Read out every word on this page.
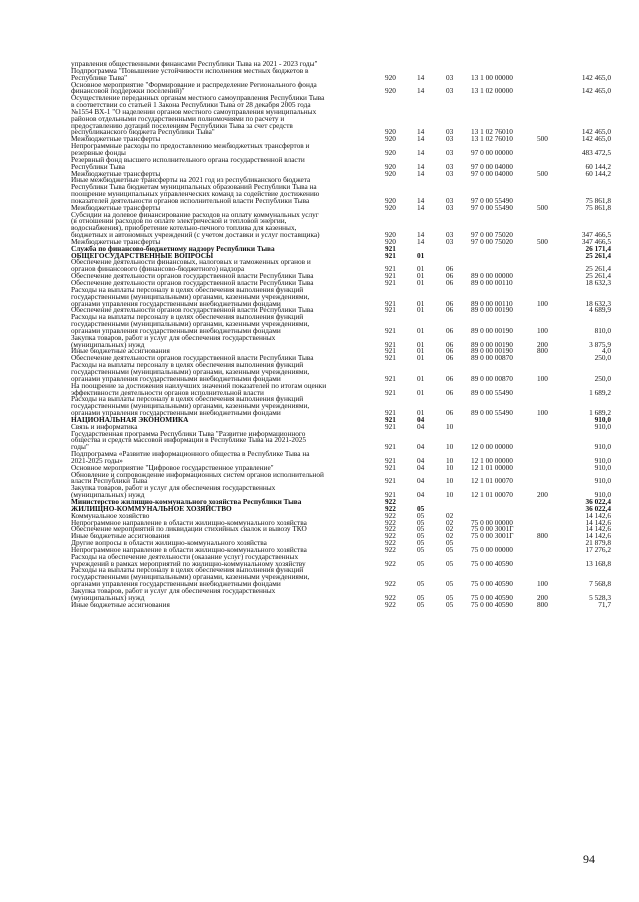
управления общественными финансами Республики Тыва на 2021 - 2023 годы"
Подпрограмма "Повышение устойчивости исполнения местных бюджетов в
Республике Тыва"	920	14	03 13 1 00 00000	142 465,0
Основное мероприятие "Формирование и распределение Регионального фонда
финансовой поддержки поселений)"	920	14	03 13 1 02 00000	142 465,0
Осуществление переданных органам местного самоуправления Республики Тыва
в соответствии со статьей 1 Закона Республики Тыва от 28 декабря 2005 года
№1554 ВХ-1 "О наделении органов местного самоуправления муниципальных
районов отдельными государственными полномочиями по расчету и
предоставлению дотаций поселениям Республики Тыва за счет средств
республиканского бюджета Республики Тыва"	920	14	03 13 1 02 76010	142 465,0
Межбюджетные трансферты	920	14	03 13 1 02 76010	500	142 465,0
Непрограммные расходы по предоставлению межбюджетных трансфертов и
резервные фонды	920	14	03 97 0 00 00000	483 472,5
Резервный фонд высшего исполнительного органа государственной власти
Республики Тыва	920	14	03 97 0 00 04000	60 144,2
Межбюджетные трансферты	920	14	03 97 0 00 04000	500	60 144,2
Иные межбюджетные трансферты на 2021 год из республиканского бюджета
Республики Тыва бюджетам муниципальных образований Республики Тыва на
поощрение муниципальных управленческих команд за содействие достижению
показателей деятельности органов исполнительной власти Республики Тыва	920	14	03 97 0 00 55490	75 861,8
Межбюджетные трансферты	920	14	03 97 0 00 55490	500	75 861,8
Субсидии на долевое финансирование расходов на оплату коммунальных услуг
(в отношении расходов по оплате электрической и тепловой энергии,
водоснабжения), приобретение котельно-печного топлива для казенных,
бюджетных и автономных учреждений (с учетом доставки и услуг поставщика)	920	14	03 97 0 00 75020	347 466,5
Межбюджетные трансферты	920	14	03 97 0 00 75020	500	347 466,5
Служба по финансово-бюджетному надзору Республики Тыва	921	26 171,4
ОБЩЕГОСУДАРСТВЕННЫЕ ВОПРОСЫ	921	01	25 261,4
Обеспечение деятельности финансовых, налоговых и таможенных органов и
органов финансового (финансово-бюджетного) надзора	921	01	06	25 261,4
Обеспечение деятельности органов государственной власти Республики Тыва	921	01	06 89 0 00 00000	25 261,4
Обеспечение деятельности органов государственной власти Республики Тыва	921	01	06 89 0 00 00110	18 632,3
Расходы на выплаты персоналу в целях обеспечения выполнения функций
государственными (муниципальными) органами, казенными учреждениями,
органами управления государственными внебюджетными фондами	921	01	06 89 0 00 00110	100	18 632,3
Обеспечение деятельности органов государственной власти Республики Тыва	921	01	06 89 0 00 00190	4 689,9
Расходы на выплаты персоналу в целях обеспечения выполнения функций
государственными (муниципальными) органами, казенными учреждениями,
органами управления государственными внебюджетными фондами	921	01	06 89 0 00 00190	100	810,0
Закупка товаров, работ и услуг для обеспечения государственных
(муниципальных) нужд	921	01	06 89 0 00 00190	200	3 875,9
Иные бюджетные ассигнования	921	01	06 89 0 00 00190	800	4,0
Обеспечение деятельности органов государственной власти Республики Тыва	921	01	06 89 0 00 00870	250,0
Расходы на выплаты персоналу в целях обеспечения выполнения функций
государственными (муниципальными) органами, казенными учреждениями,
органами управления государственными внебюджетными фондами	921	01	06 89 0 00 00870	100	250,0
На поощрение за достижения наилучших значений показателей по итогам оценки
эффективности деятельности органов исполнительной власти	921	01	06 89 0 00 55490	1 689,2
Расходы на выплаты персоналу в целях обеспечения выполнения функций
государственными (муниципальными) органами, казенными учреждениями,
органами управления государственными внебюджетными фондами	921	01	06 89 0 00 55490	100	1 689,2
НАЦИОНАЛЬНАЯ ЭКОНОМИКА	921	04	910,0
Связь и информатика	921	04	10	910,0
Государственная программа Республики Тыва "Развитие информационного
общества и средств массовой информации в Республике Тыва на 2021-2025
годы"	921	04	10 12 0 00 00000	910,0
Подпрограмма «Развитие информационного общества в Республике Тыва на
2021-2025 годы»	921	04	10 12 1 00 00000	910,0
Основное мероприятие "Цифровое государственное управление"	921	04	10 12 1 01 00000	910,0
Обновление и сопровождение информационных систем органов исполнительной
власти Республики Тыва	921	04	10 12 1 01 00070	910,0
Закупка товаров, работ и услуг для обеспечения государственных
(муниципальных) нужд	921	04	10 12 1 01 00070	200	910,0
Министерство жилищно-коммунального хозяйства Республики Тыва	922	36 022,4
ЖИЛИЩНО-КОММУНАЛЬНОЕ ХОЗЯЙСТВО	922	05	36 022,4
Коммунальное хозяйство	922	05	02	14 142,6
Непрограммное направление в области жилищно-коммунального хозяйства	922	05	02 75 0 00 00000	14 142,6
Обеспечение мероприятий по ликвидации стихийных свалок и вывозу ТКО	922	05	02 75 0 00 3001Г	14 142,6
Иные бюджетные ассигнования	922	05	02 75 0 00 3001Г	800	14 142,6
Другие вопросы в области жилищно-коммунального хозяйства	922	05	05	21 879,8
Непрограммное направление в области жилищно-коммунального хозяйства	922	05	05 75 0 00 00000	17 276,2
Расходы на обеспечение деятельности (оказание услуг) государственных
учреждений в рамках мероприятий по жилищно-коммунальному хозяйству	922	05	05 75 0 00 40590	13 168,8
Расходы на выплаты персоналу в целях обеспечения выполнения функций
государственными (муниципальными) органами, казенными учреждениями,
органами управления государственными внебюджетными фондами	922	05	05 75 0 00 40590	100	7 568,8
Закупка товаров, работ и услуг для обеспечения государственных
(муниципальных) нужд	922	05	05 75 0 00 40590	200	5 528,3
Иные бюджетные ассигнования	922	05	05 75 0 00 40590	800	71,7
94
